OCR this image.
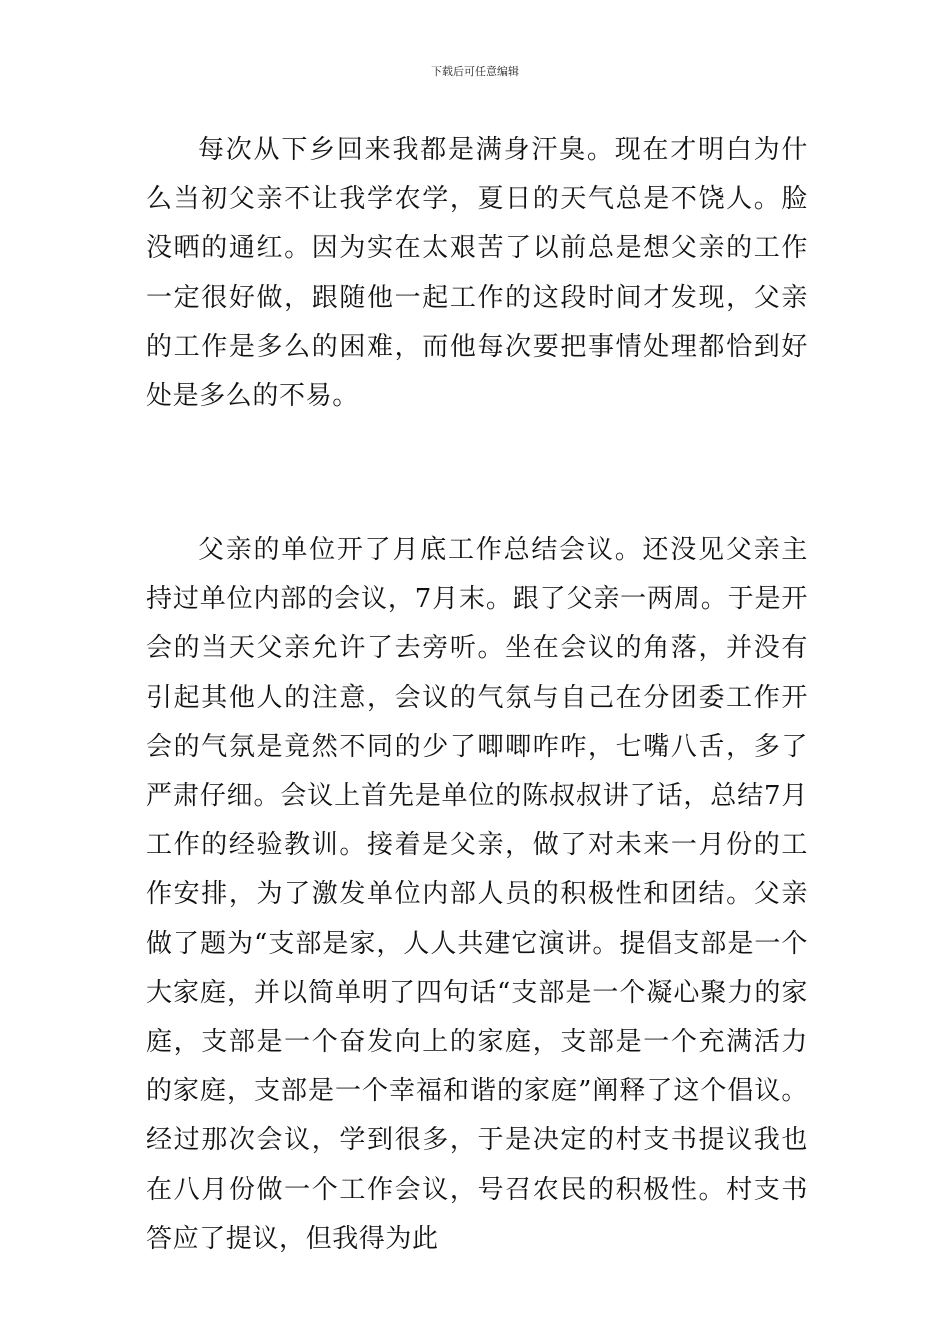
下载后可任意编辑

每次从下乡回来我都是满身汗臭。现在才明白为什么当初父亲不让我学农学，夏日的天气总是不饶人。脸没晒的通红。因为实在太艰苦了以前总是想父亲的工作一定很好做，跟随他一起工作的这段时间才发现，父亲的工作是多么的困难，而他每次要把事情处理都恰到好处是多么的不易。

父亲的单位开了月底工作总结会议。还没见父亲主持过单位内部的会议，7月末。跟了父亲一两周。于是开会的当天父亲允许了去旁听。坐在会议的角落，并没有引起其他人的注意，会议的气氛与自己在分团委工作开会的气氛是竟然不同的少了唧唧咋咋，七嘴八舌，多了严肃仔细。会议上首先是单位的陈叔叔讲了话，总结7月工作的经验教训。接着是父亲，做了对未来一月份的工作安排，为了激发单位内部人员的积极性和团结。父亲做了题为“支部是家，人人共建它演讲。提倡支部是一个大家庭，并以简单明了四句话“支部是一个凝心聚力的家庭，支部是一个奋发向上的家庭，支部是一个充满活力的家庭，支部是一个幸福和谐的家庭”阐释了这个倡议。经过那次会议，学到很多，于是决定的村支书提议我也在八月份做一个工作会议，号召农民的积极性。村支书答应了提议，但我得为此
